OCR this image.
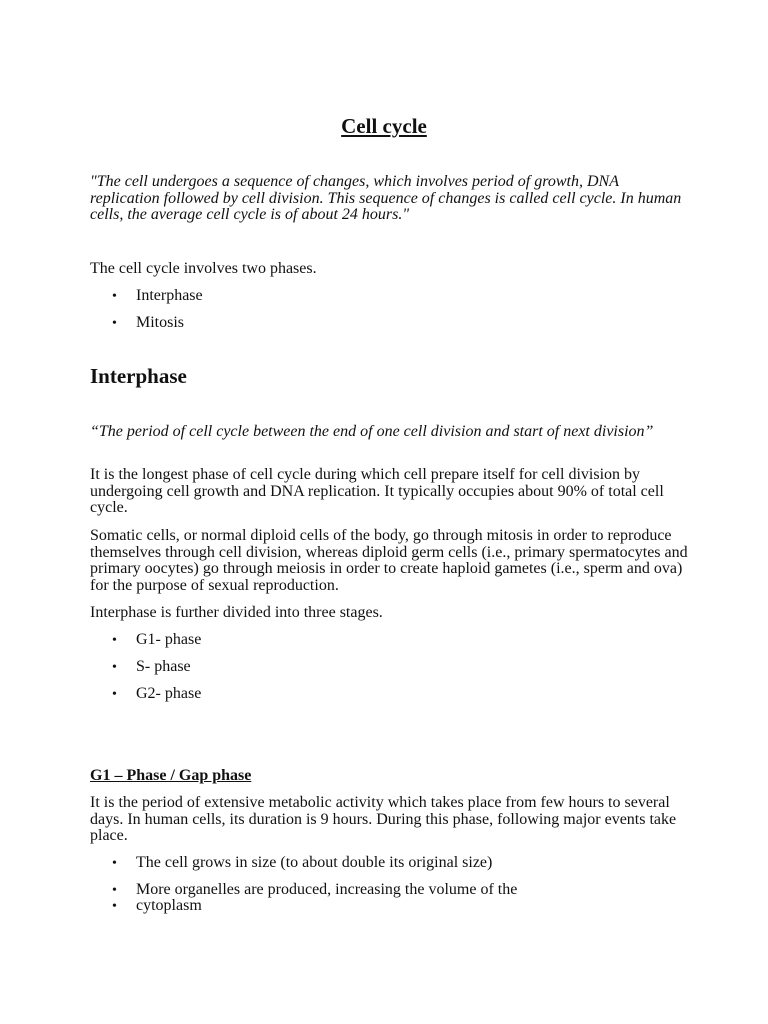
Cell cycle

"The cell undergoes a sequence of changes, which involves period of growth, DNA replication followed by cell division. This sequence of changes is called cell cycle. In human cells, the average cell cycle is of about 24 hours."

The cell cycle involves two phases.

• Interphase
• Mitosis
Interphase

“The period of cell cycle between the end of one cell division and start of next division”

It is the longest phase of cell cycle during which cell prepare itself for cell division by undergoing cell growth and DNA replication. It typically occupies about 90% of total cell cycle.

Somatic cells, or normal diploid cells of the body, go through mitosis in order to reproduce themselves through cell division, whereas diploid germ cells (i.e., primary spermatocytes and primary oocytes) go through meiosis in order to create haploid gametes (i.e., sperm and ova) for the purpose of sexual reproduction.

Interphase is further divided into three stages.

• G1- phase
• S- phase
• G2- phase
G1 – Phase / Gap phase

It is the period of extensive metabolic activity which takes place from few hours to several days. In human cells, its duration is 9 hours. During this phase, following major events take place.

• The cell grows in size (to about double its original size)
• More organelles are produced, increasing the volume of the
• cytoplasm
